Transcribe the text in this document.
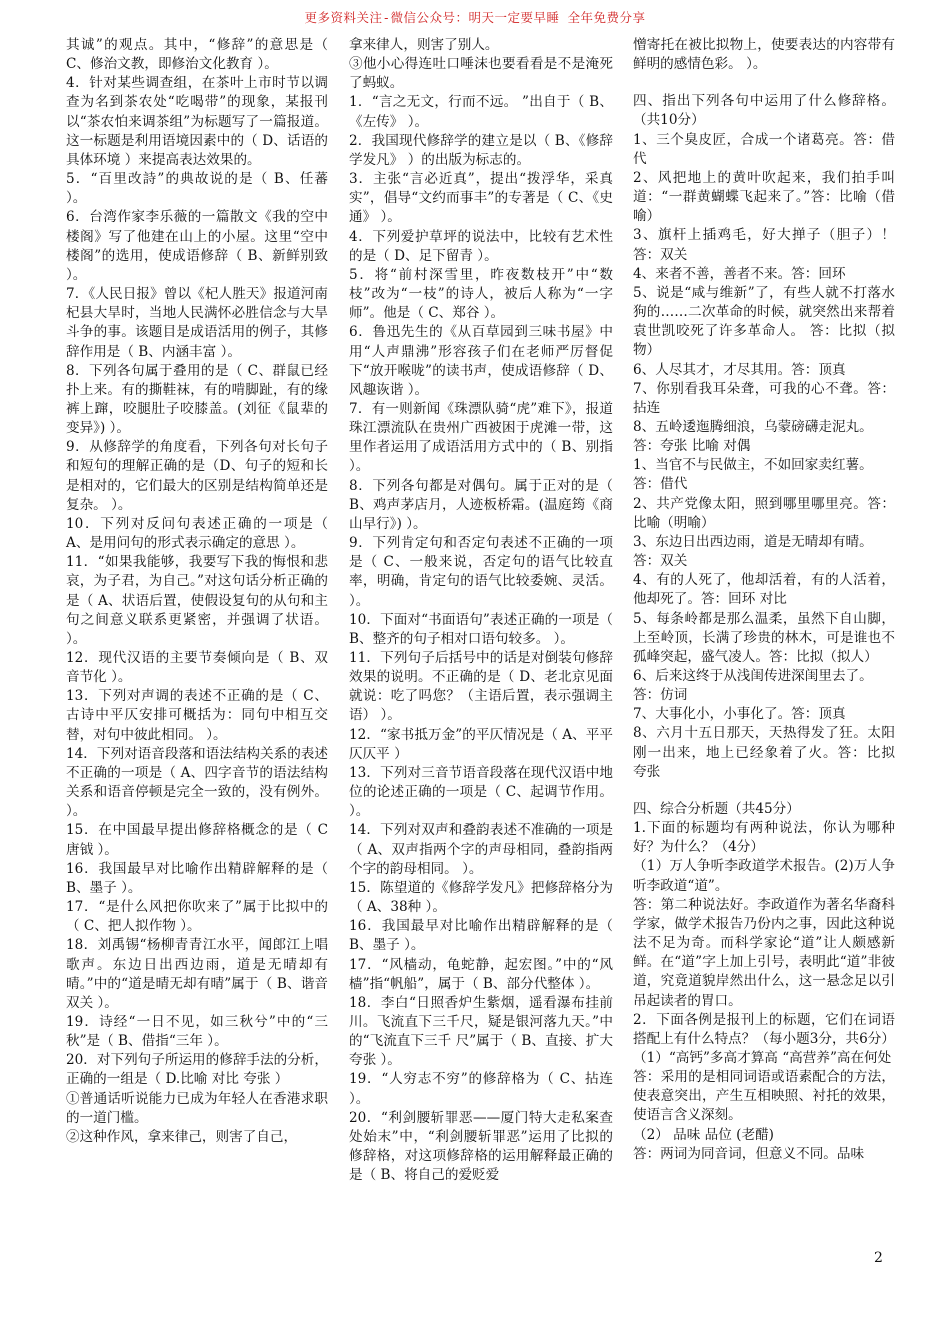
更多资料关注-微信公众号：明天一定要早睡 全年免费分享

其诚”的观点。其中，“修辞”的意思是（ C、修治文教，即修治文化教育 ）。

4．针对某些调查组，在茶叶上市时节以调查为名到茶农处“吃喝带”的现象，某报刊以“茶农怕来调茶组”为标题写了一篇报道。这一标题是利用语境因素中的（ D、话语的具体环境 ）来提高表达效果的。

5．“百里改詩”的典故说的是（ B、任蕃 ）。

6．台湾作家李乐薇的一篇散文《我的空中楼阁》写了他建在山上的小屋。这里“空中楼阁”的选用，使成语修辞（ B、新鲜别致 ）。

7．《人民日报》曾以《杞人胜天》报道河南杞县大旱时，当地人民满怀必胜信念与大旱斗争的事。该题目是成语活用的例子，其修辞作用是（ B、内涵丰富 ）。

8．下列各句属于叠用的是（ C、群鼠已经扑上来。有的撕鞋袜，有的啃脚趾，有的缘裤上蹿，咬腿肚子咬膝盖。(刘征《鼠辈的变异》) ）。

9．从修辞学的角度看，下列各句对长句子和短句的理解正确的是（D、句子的短和长是相对的，它们最大的区别是结构简单还是复杂。 ）。

10．下列对反问句表述正确的一项是（ A、是用问句的形式表示确定的意思 ）。

11．“如果我能够，我要写下我的悔恨和悲哀，为子君，为自己。”对这句话分析正确的是（ A、状语后置，使假设复句的从句和主句之间意义联系更紧密，并强调了状语。 ）。

12．现代汉语的主要节奏倾向是（ B、双音节化 ）。

13．下列对声调的表述不正确的是（ C、古诗中平仄安排可概括为：同句中相互交替，对句中彼此相同。 ）。

14．下列对语音段落和语法结构关系的表述不正确的一项是（ A、四字音节的语法结构关系和语音停顿是完全一致的，没有例外。 ）。

15．在中国最早提出修辞格概念的是（ C唐钺 ）。

16．我国最早对比喻作出精辟解释的是（ B、墨子 ）。

17．“是什么风把你吹来了”属于比拟中的（ C、把人拟作物 ）。

18．刘禹锡“杨柳青青江水平，闻郎江上唱歌声。东边日出西边雨，道是无晴却有晴。”中的“道是晴无却有晴”属于（ B、谐音双关 ）。

19．诗经“一日不见，如三秋兮”中的“三秋”是（ B、借指“三年 ）。

20．对下列句子所运用的修辞手法的分析，正确的一组是（ D.比喻 对比 夸张 ）

①普通话听说能力已成为年轻人在香港求职的一道门槛。

②这种作风，拿来律己，则害了自己，

拿来律人，则害了别人。

③他小心得连吐口唾沫也要看看是不是淹死了蚂蚁。

1．“言之无文，行而不远。 ”出自于（ B、《左传》 ）。

2．我国现代修辞学的建立是以（ B、《修辞学发凡》 ）的出版为标志的。

3．主张“言必近真”，提出“拨浮华，采真实”，倡导“文约而事丰”的专著是（ C、《史通》 ）。

4．下列爱护草坪的说法中，比较有艺术性的是（ D、足下留青 ）。

5．将“前村深雪里，昨夜数枝开”中“数枝”改为“一枝”的诗人，被后人称为“一字师”。他是（ C、郑谷 ）。

6．鲁迅先生的《从百草园到三味书屋》中用“人声鼎沸”形容孩子们在老师严厉督促下“放开喉咙”的读书声，使成语修辞（ D、风趣诙谐 ）。

7．有一则新闻《珠漂队骑“虎”难下》，报道珠江漂流队在贵州广西被困于虎滩一带，这里作者运用了成语活用方式中的（ B、别指 ）。

8．下列各句都是对偶句。属于正对的是（ B、鸡声茅店月，人迹板桥霜。(温庭筠《商山早行》) ）。

9．下列肯定句和否定句表述不正确的一项是（ C、一般来说，否定句的语气比较直率，明确，肯定句的语气比较委婉、灵活。 ）。

10．下面对“书面语句”表述正确的一项是（ B、整齐的句子相对口语句较多。 ）。

11．下列句子后括号中的话是对倒装句修辞效果的说明。不正确的是（ D、老北京见面就说：吃了吗您？（主语后置，表示强调主语） ）。

12．“家书抵万金”的平仄情况是（ A、平平仄仄平 ）

13．下列对三音节语音段落在现代汉语中地位的论述正确的一项是（ C、起调节作用。 ）。

14．下列对双声和叠韵表述不准确的一项是（ A、双声指两个字的声母相同，叠韵指两个字的韵母相同。 ）。

15．陈望道的《修辞学发凡》把修辞格分为（ A、38种 ）。

16．我国最早对比喻作出精辟解释的是（ B、墨子 ）。

17．“风樯动，龟蛇静，起宏图。”中的“风樯”指“帆船”，属于（ B、部分代整体 ）。

18．李白“日照香炉生紫烟，遥看瀑布挂前川。飞流直下三千尺，疑是银河落九天。”中的“飞流直下三千 尺”属于（ B、直接、扩大夸张 ）。

19．“人穷志不穷”的修辞格为（ C、拈连 ）。

20．“利剑腰斩罪恶——厦门特大走私案查处始末”中，“利剑腰斩罪恶”运用了比拟的修辞格，对这项修辞格的运用解释最正确的是（ B、将自己的爱贬爱

憎寄托在被比拟物上，使要表达的内容带有鲜明的感情色彩。 ）。

四、指出下列各句中运用了什么修辞格。（共10分）

1、三个臭皮匠，合成一个诸葛亮。答：借代

2、风把地上的黄叶吹起来，我们拍手叫道：“一群黄蝴蝶飞起来了。”答：比喻（借喻）

3、旗杆上插鸡毛，好大掸子（胆子）！答：双关

4、来者不善，善者不来。答：回环

5、说是“咸与维新”了，有些人就不打落水狗的……二次革命的时候，就突然出来帮着袁世凯咬死了许多革命人。 答：比拟（拟物）

6、人尽其才，才尽其用。答：顶真

7、你别看我耳朵聋，可我的心不聋。答：拈连

8、五岭逶迤腾细浪，乌蒙磅礴走泥丸。

答：夸张 比喻 对偶

1、当官不与民做主，不如回家卖红薯。

答：借代

2、共产党像太阳，照到哪里哪里亮。答：比喻（明喻）

3、东边日出西边雨，道是无晴却有晴。

答：双关

4、有的人死了，他却活着，有的人活着，他却死了。答：回环 对比

5、每条岭都是那么温柔，虽然下自山脚，上至岭顶，长满了珍贵的林木，可是谁也不孤峰突起，盛气凌人。答：比拟（拟人）

6、后来这终于从浅闺传进深闺里去了。

答：仿词

7、大事化小，小事化了。答：顶真

8、六月十五日那天，天热得发了狂。太阳刚一出来，地上已经象着了火。答：比拟 夸张

四、综合分析题（共45分）

1.下面的标题均有两种说法，你认为哪种好？为什么？（4分）

（1）万人争听李政道学术报告。(2)万人争听李政道“道”。

答：第二种说法好。李政道作为著名华裔科学家，做学术报告乃份内之事，因此这种说法不足为奇。而科学家论“道”让人颇感新鲜。在“道”字上加上引号，表明此“道”非彼道，究竟道貌岸然出什么，这一悬念足以引吊起读者的胃口。

2．下面各例是报刊上的标题，它们在词语搭配上有什么特点？（每小题3分，共6分）

（1）“高钙”多高才算高 “高营养”高在何处

答：采用的是相同词语或语素配合的方法，使表意突出，产生互相映照、衬托的效果，使语言含义深刻。

（2） 品味 品位 (老醋)

答：两词为同音词，但意义不同。品味

2
